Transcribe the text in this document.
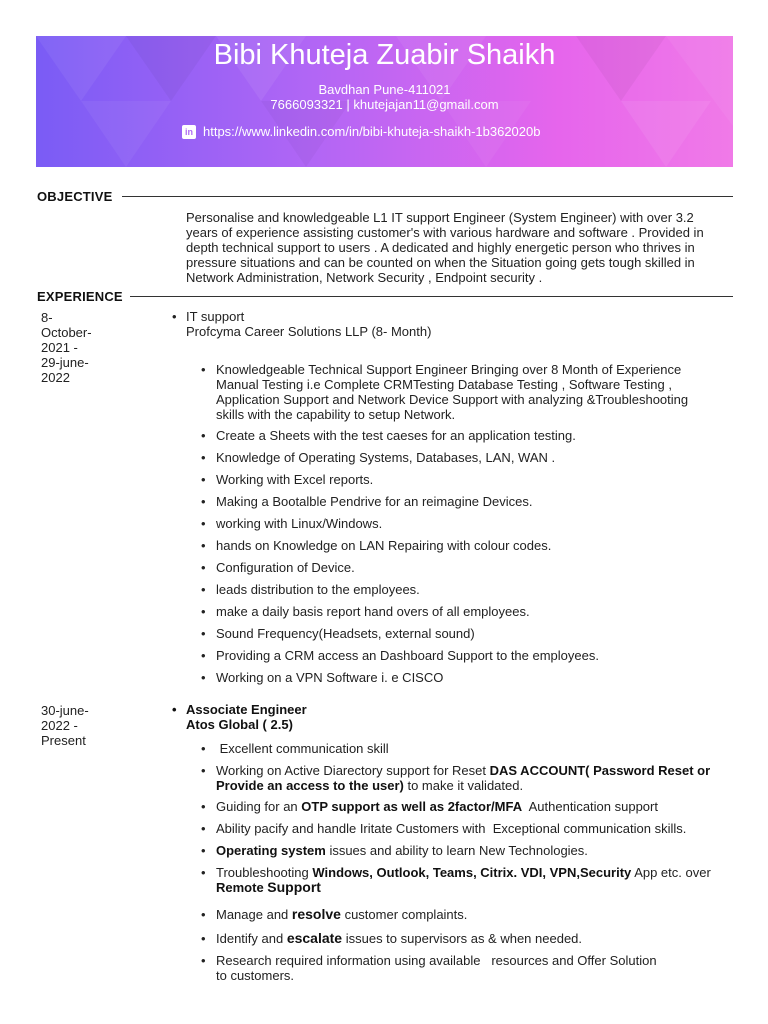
Bibi Khuteja Zuabir Shaikh
Bavdhan Pune-411021
7666093321 | khutejajan11@gmail.com
in https://www.linkedin.com/in/bibi-khuteja-shaikh-1b362020b
OBJECTIVE
Personalise and knowledgeable L1 IT support Engineer (System Engineer) with over 3.2
years of experience assisting customer's with various hardware and software . Provided in
depth technical support to users . A dedicated and highly energetic person who thrives in
pressure situations and can be counted on when the Situation going gets tough skilled in
Network Administration, Network Security , Endpoint security .
EXPERIENCE
8-
October-
2021 -
29-june-
2022
• IT support
Profcyma Career Solutions LLP (8- Month)
• Knowledgeable Technical Support Engineer Bringing over 8 Month of Experience
Manual Testing i.e Complete CRMTesting Database Testing , Software Testing ,
Application Support and Network Device Support with analyzing &Troubleshooting
skills with the capability to setup Network.
• Create a Sheets with the test caeses for an application testing.
• Knowledge of Operating Systems, Databases, LAN, WAN .
• Working with Excel reports.
• Making a Bootalble Pendrive for an reimagine Devices.
• working with Linux/Windows.
• hands on Knowledge on LAN Repairing with colour codes.
• Configuration of Device.
• leads distribution to the employees.
• make a daily basis report hand overs of all employees.
• Sound Frequency(Headsets, external sound)
• Providing a CRM access an Dashboard Support to the employees.
• Working on a VPN Software i. e CISCO
30-june-
2022 -
Present
• Associate Engineer
Atos Global ( 2.5)
• Excellent communication skill
• Working on Active Diarectory support for Reset DAS ACCOUNT( Password Reset or
Provide an access to the user) to make it validated.
• Guiding for an OTP support as well as 2factor/MFA  Authentication support
• Ability pacify and handle Iritate Customers with  Exceptional communication skills.
• Operating system issues and ability to learn New Technologies.
• Troubleshooting Windows, Outlook, Teams, Citrix. VDI, VPN,Security App etc. over
Remote Support
• Manage and resolve customer complaints.
• Identify and escalate issues to supervisors as & when needed.
• Research required information using available   resources and Offer Solution
to customers.
